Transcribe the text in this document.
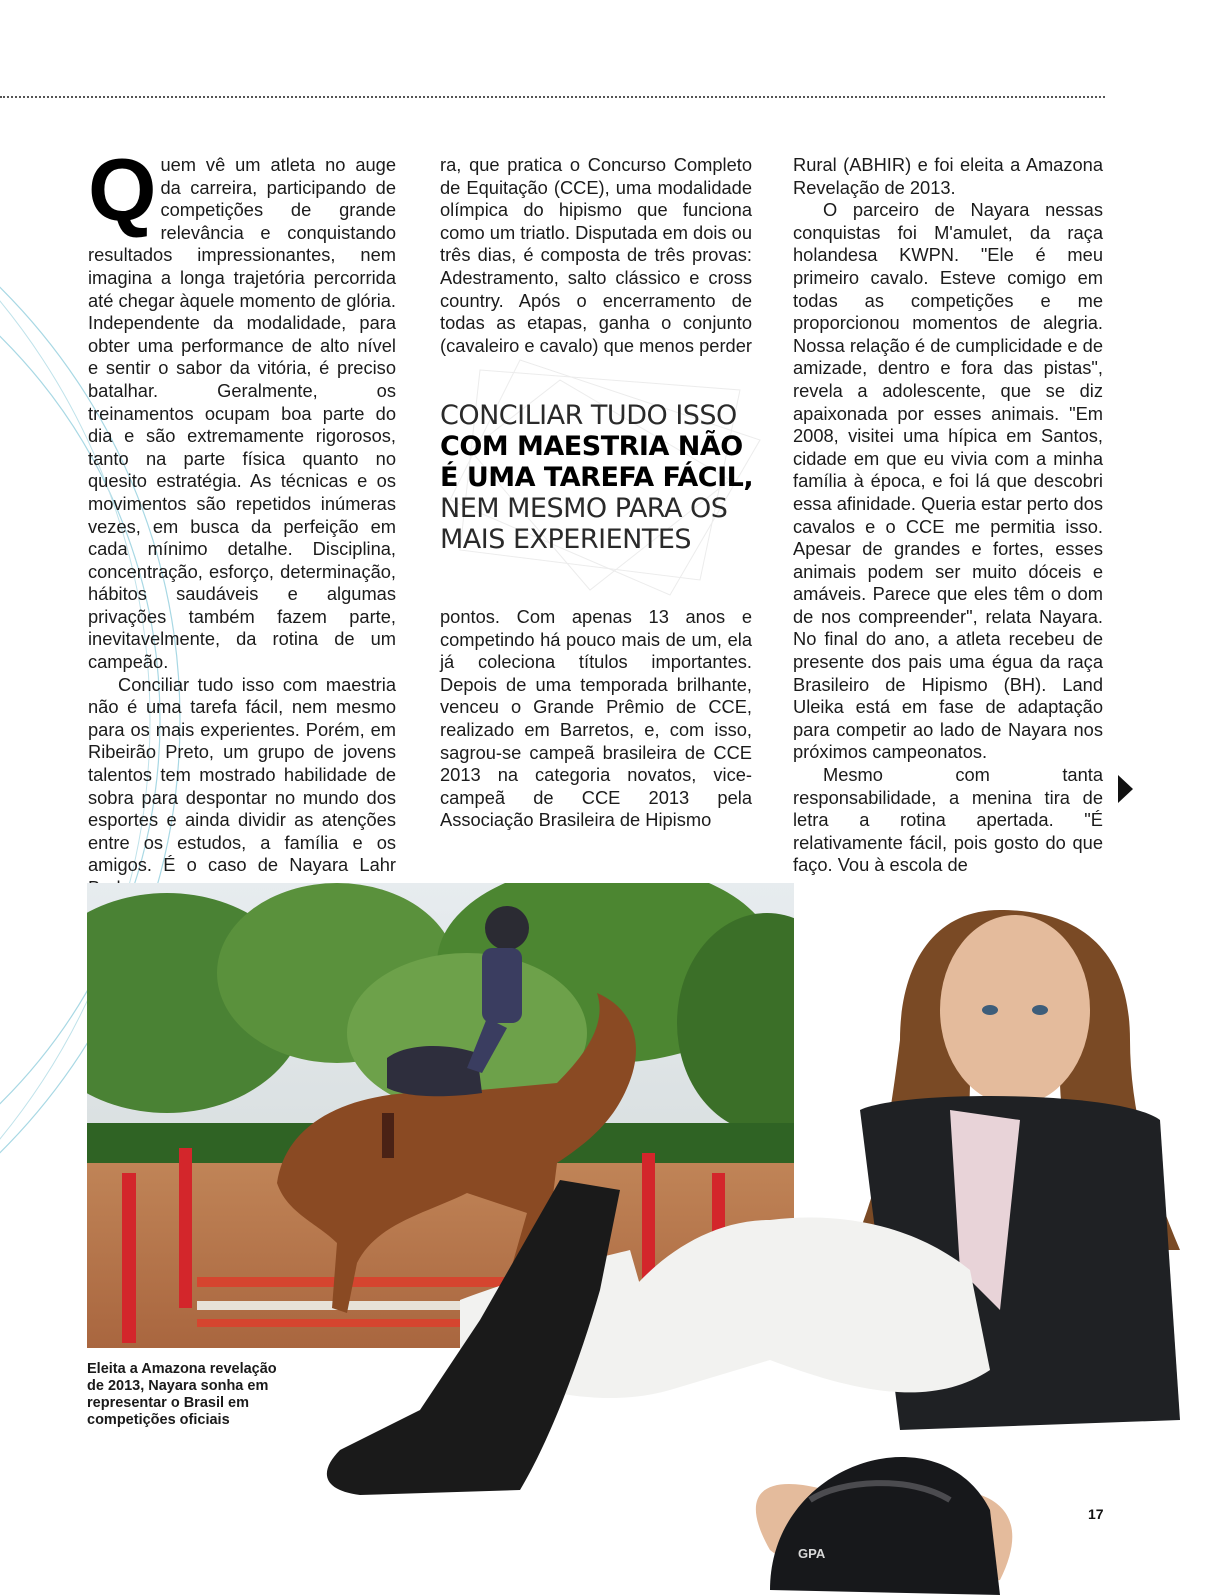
Quem vê um atleta no auge da carreira, participando de competições de grande relevância e conquistando resultados impressionantes, nem imagina a longa trajetória percorrida até chegar àquele momento de glória. Independente da modalidade, para obter uma performance de alto nível e sentir o sabor da vitória, é preciso batalhar. Geralmente, os treinamentos ocupam boa parte do dia e são extremamente rigorosos, tanto na parte física quanto no quesito estratégia. As técnicas e os movimentos são repetidos inúmeras vezes, em busca da perfeição em cada mínimo detalhe. Disciplina, concentração, esforço, determinação, hábitos saudáveis e algumas privações também fazem parte, inevitavelmente, da rotina de um campeão.

Conciliar tudo isso com maestria não é uma tarefa fácil, nem mesmo para os mais experientes. Porém, em Ribeirão Preto, um grupo de jovens talentos tem mostrado habilidade de sobra para despontar no mundo dos esportes e ainda dividir as atenções entre os estudos, a família e os amigos. É o caso de Nayara Lahr

ra, que pratica o Concurso Completo de Equitação (CCE), uma modalidade olímpica do hipismo que funciona como um triatlo. Disputada em dois ou três dias, é composta de três provas: Adestramento, salto clássico e cross country. Após o encerramento de todas as etapas, ganha o conjunto (cavaleiro e cavalo) que menos perder

CONCILIAR TUDO ISSO
COM MAESTRIA NÃO
É UMA TAREFA FÁCIL,
NEM MESMO PARA OS
MAIS EXPERIENTES

pontos. Com apenas 13 anos e competindo há pouco mais de um, ela já coleciona títulos importantes. Depois de uma temporada brilhante, venceu o Grande Prêmio de CCE, realizado em Barretos, e, com isso, sagrou-se campeã brasileira de CCE 2013 na categoria novatos, vice-campeã de CCE 2013 pela Associação Brasileira de Hipismo

Rural (ABHIR) e foi eleita a Amazona Revelação de 2013.

O parceiro de Nayara nessas conquistas foi M'amulet, da raça holandesa KWPN. "Ele é meu primeiro cavalo. Esteve comigo em todas as competições e me proporcionou momentos de alegria. Nossa relação é de cumplicidade e de amizade, dentro e fora das pistas", revela a adolescente, que se diz apaixonada por esses animais. "Em 2008, visitei uma hípica em Santos, cidade em que eu vivia com a minha família à época, e foi lá que descobri essa afinidade. Queria estar perto dos cavalos e o CCE me permitia isso. Apesar de grandes e fortes, esses animais podem ser muito dóceis e amáveis. Parece que eles têm o dom de nos compreender", relata Nayara. No final do ano, a atleta recebeu de presente dos pais uma égua da raça Brasileiro de Hipismo (BH). Land Uleika está em fase de adaptação para competir ao lado de Nayara nos próximos campeonatos.

Mesmo com tanta responsabilidade, a menina tira de letra a rotina apertada. "É relativamente fácil, pois gosto do que faço. Vou à escola de

Eleita a Amazona revelação de 2013, Nayara sonha em representar o Brasil em competições oficiais
GPA
17
